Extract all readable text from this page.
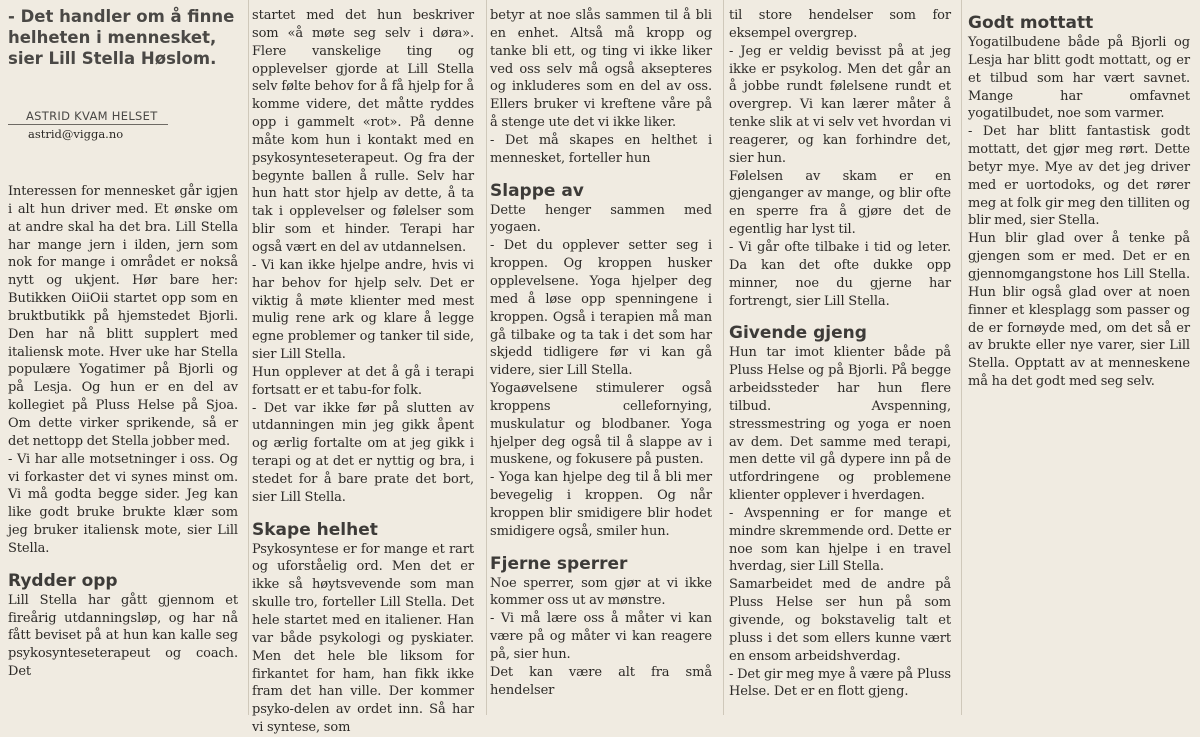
- Det handler om å finne helheten i mennesket, sier Lill Stella Høslom.
ASTRID KVAM HELSET
astrid@vigga.no

Interessen for mennesket går igjen i alt hun driver med. Et ønske om at andre skal ha det bra. Lill Stella har mange jern i ilden, jern som nok for mange i området er nokså nytt og ukjent. Hør bare her: Butikken OiiOii startet opp som en bruktbutikk på hjemstedet Bjorli. Den har nå blitt supplert med italiensk mote. Hver uke har Stella populære Yogatimer på Bjorli og på Lesja. Og hun er en del av kollegiet på Pluss Helse på Sjoa. Om dette virker sprikende, så er det nettopp det Stella jobber med.

- Vi har alle motsetninger i oss. Og vi forkaster det vi synes minst om. Vi må godta begge sider. Jeg kan like godt bruke brukte klær som jeg bruker italiensk mote, sier Lill Stella.

Rydder opp

Lill Stella har gått gjennom et fireårig utdanningsløp, og har nå fått beviset på at hun kan kalle seg psykosynteseterapeut og coach. Det

startet med det hun beskriver som «å møte seg selv i døra». Flere vanskelige ting og opplevelser gjorde at Lill Stella selv følte behov for å få hjelp for å komme videre, det måtte ryddes opp i gammelt «rot». På denne måte kom hun i kontakt med en psykosynteseterapeut. Og fra der begynte ballen å rulle. Selv har hun hatt stor hjelp av dette, å ta tak i opplevelser og følelser som blir som et hinder. Terapi har også vært en del av utdannelsen.

- Vi kan ikke hjelpe andre, hvis vi har behov for hjelp selv. Det er viktig å møte klienter med mest mulig rene ark og klare å legge egne problemer og tanker til side, sier Lill Stella.

Hun opplever at det å gå i terapi fortsatt er et tabu-for folk.

- Det var ikke før på slutten av utdanningen min jeg gikk åpent og ærlig fortalte om at jeg gikk i terapi og at det er nyttig og bra, i stedet for å bare prate det bort, sier Lill Stella.

Skape helhet

Psykosyntese er for mange et rart og uforståelig ord. Men det er ikke så høytsvevende som man skulle tro, forteller Lill Stella. Det hele startet med en italiener. Han var både psykologi og pyskiater. Men det hele ble liksom for firkantet for ham, han fikk ikke fram det han ville. Der kommer psyko-delen av ordet inn. Så har vi syntese, som

betyr at noe slås sammen til å bli en enhet. Altså må kropp og tanke bli ett, og ting vi ikke liker ved oss selv må også aksepteres og inkluderes som en del av oss. Ellers bruker vi kreftene våre på å stenge ute det vi ikke liker.

- Det må skapes en helthet i mennesket, forteller hun

Slappe av

Dette henger sammen med yogaen.

- Det du opplever setter seg i kroppen. Og kroppen husker opplevelsene. Yoga hjelper deg med å løse opp spenningene i kroppen. Også i terapien må man gå tilbake og ta tak i det som har skjedd tidligere før vi kan gå videre, sier Lill Stella.

Yogaøvelsene stimulerer også kroppens cellefornying, muskulatur og blodbaner. Yoga hjelper deg også til å slappe av i muskene, og fokusere på pusten.

- Yoga kan hjelpe deg til å bli mer bevegelig i kroppen. Og når kroppen blir smidigere blir hodet smidigere også, smiler hun.

Fjerne sperrer

Noe sperrer, som gjør at vi ikke kommer oss ut av mønstre.

- Vi må lære oss å måter vi kan være på og måter vi kan reagere på, sier hun.

Det kan være alt fra små hendelser

til store hendelser som for eksempel overgrep.

- Jeg er veldig bevisst på at jeg ikke er psykolog. Men det går an å jobbe rundt følelsene rundt et overgrep. Vi kan lærer måter å tenke slik at vi selv vet hvordan vi reagerer, og kan forhindre det, sier hun.

Følelsen av skam er en gjenganger av mange, og blir ofte en sperre fra å gjøre det de egentlig har lyst til.

- Vi går ofte tilbake i tid og leter. Da kan det ofte dukke opp minner, noe du gjerne har fortrengt, sier Lill Stella.

Givende gjeng

Hun tar imot klienter både på Pluss Helse og på Bjorli. På begge arbeidssteder har hun flere tilbud. Avspenning, stressmestring og yoga er noen av dem. Det samme med terapi, men dette vil gå dypere inn på de utfordringene og problemene klienter opplever i hverdagen.

- Avspenning er for mange et mindre skremmende ord. Dette er noe som kan hjelpe i en travel hverdag, sier Lill Stella.

Samarbeidet med de andre på Pluss Helse ser hun på som givende, og bokstavelig talt et pluss i det som ellers kunne vært en ensom arbeidshverdag.

- Det gir meg mye å være på Pluss Helse. Det er en flott gjeng.

Godt mottatt

Yogatilbudene både på Bjorli og Lesja har blitt godt mottatt, og er et tilbud som har vært savnet. Mange har omfavnet yogatilbudet, noe som varmer.

- Det har blitt fantastisk godt mottatt, det gjør meg rørt. Dette betyr mye. Mye av det jeg driver med er uortodoks, og det rører meg at folk gir meg den tilliten og blir med, sier Stella.

Hun blir glad over å tenke på gjengen som er med. Det er en gjennomgangstone hos Lill Stella. Hun blir også glad over at noen finner et klesplagg som passer og de er fornøyde med, om det så er av brukte eller nye varer, sier Lill Stella. Opptatt av at menneskene må ha det godt med seg selv.
